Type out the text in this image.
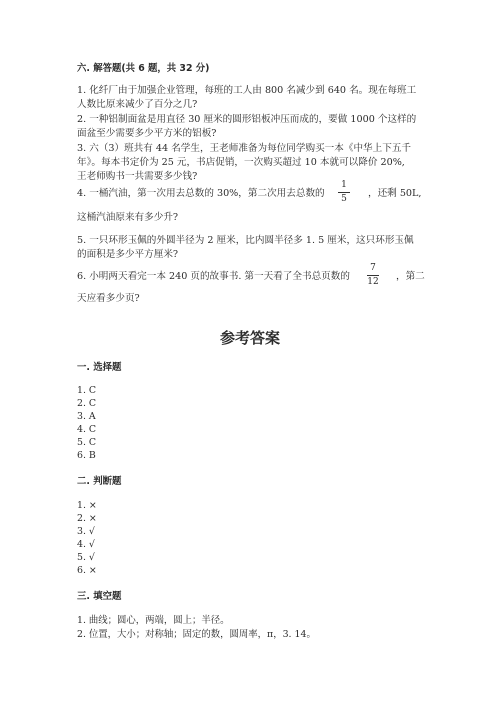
六. 解答题(共 6 题，共 32 分)
1. 化纤厂由于加强企业管理，每班的工人由 800 名减少到 640 名。现在每班工
人数比原来减少了百分之几?
2. 一种铝制面盆是用直径 30 厘米的圆形铝板冲压而成的，要做 1000 个这样的
面盆至少需要多少平方米的铝板?
3. 六（3）班共有 44 名学生，王老师准备为每位同学购买一本《中华上下五千
年》。每本书定价为 25 元，书店促销，一次购买超过 10 本就可以降价 20%,
王老师购书一共需要多少钱?
4. 一桶汽油，第一次用去总数的 30%，第二次用去总数的
1
5	，还剩 50L,
这桶汽油原来有多少升?
5. 一只环形玉佩的外圆半径为 2 厘米，比内圆半径多 1. 5 厘米，这只环形玉佩
的面积是多少平方厘米?
6. 小明两天看完一本 240 页的故事书. 第一天看了全书总页数的
7
12	，第二
天应看多少页?
参考答案
一. 选择题
1. C
2. C
3. A
4. C
5. C
6. B
二. 判断题
1. ×
2. ×
3. √
4. √
5. √
6. ×
三. 填空题
1. 曲线；圆心，两端，圆上；半径。
2. 位置，大小；对称轴；固定的数，圆周率，π，3. 14。
